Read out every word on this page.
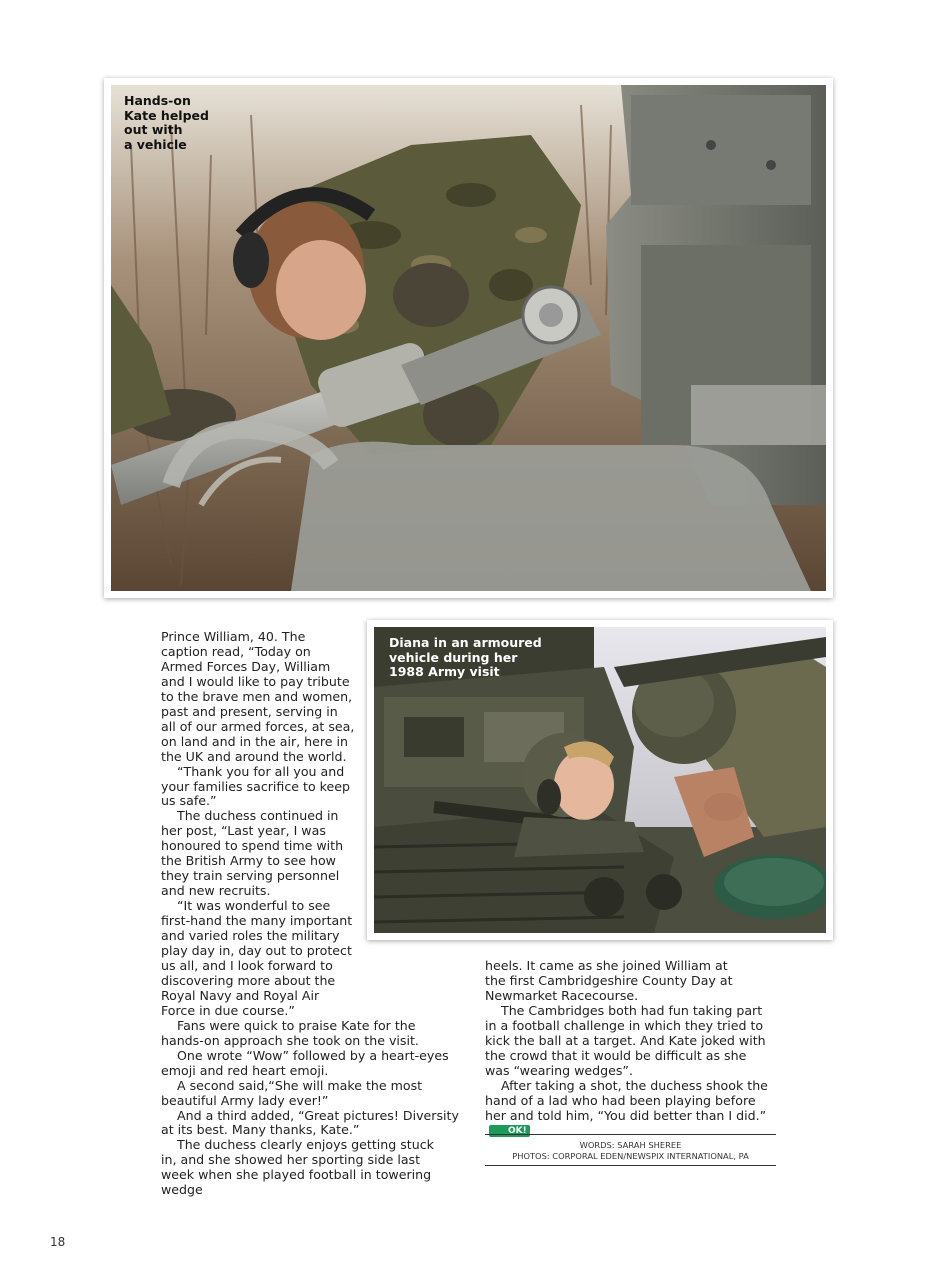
Hands-on
Kate helped
out with
a vehicle
Diana in an armoured
vehicle during her
1988 Army visit

Prince William, 40. The caption read, “Today on Armed Forces Day, William and I would like to pay tribute to the brave men and women, past and present, serving in all of our armed forces, at sea, on land and in the air, here in the UK and around the world.

“Thank you for all you and your families sacrifice to keep us safe.”

The duchess continued in her post, “Last year, I was honoured to spend time with the British Army to see how they train serving personnel and new recruits.

“It was wonderful to see first-hand the many important and varied roles the military play day in, day out to protect us all, and I look forward to discovering more about the Royal Navy and Royal Air Force in due course.”

Fans were quick to praise Kate for the hands-on approach she took on the visit.

One wrote “Wow” followed by a heart-eyes emoji and red heart emoji.

A second said,“She will make the most beautiful Army lady ever!”

And a third added, “Great pictures! Diversity at its best. Many thanks, Kate.”

The duchess clearly enjoys getting stuck in, and she showed her sporting side last week when she played football in towering wedge

heels. It came as she joined William at the first Cambridgeshire County Day at Newmarket Racecourse.

The Cambridges both had fun taking part in a football challenge in which they tried to kick the ball at a target. And Kate joked with the crowd that it would be difficult as she was “wearing wedges”.

After taking a shot, the duchess shook the hand of a lad who had been playing before her and told him, “You did better than I did.”OK!

WORDS: SARAH SHEREE
PHOTOS: CORPORAL EDEN/NEWSPIX INTERNATIONAL, PA
18
